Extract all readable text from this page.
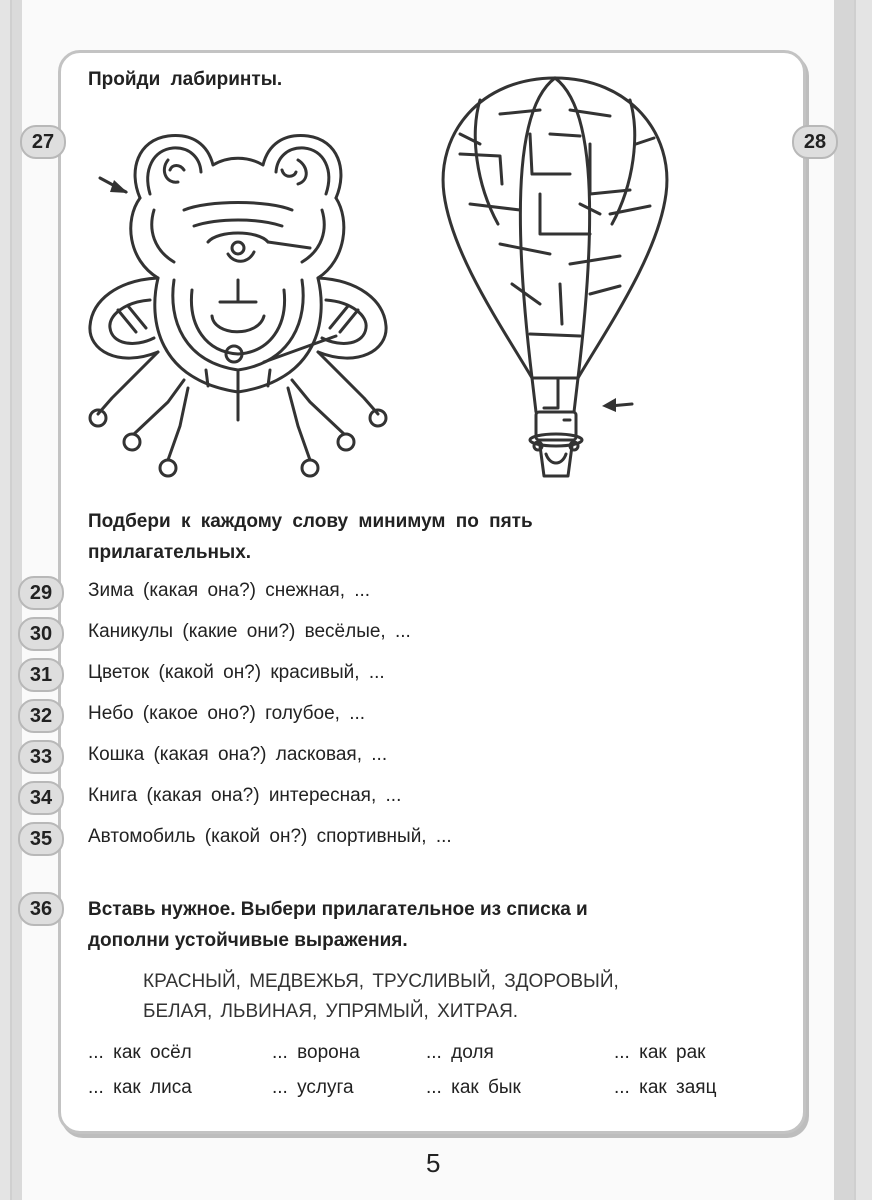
Пройди лабиринты.
27	28
Подбери к каждому слову минимум по пять
прилагательных.
29	Зима (какая она?) снежная, ...
30	Каникулы (какие они?) весёлые, ...
31	Цветок (какой он?) красивый, ...
32	Небо (какое оно?) голубое, ...
33	Кошка (какая она?) ласковая, ...
34	Книга (какая она?) интересная, ...
35	Автомобиль (какой он?) спортивный, ...
36	Вставь нужное. Выбери прилагательное из списка и
дополни устойчивые выражения.
КРАСНЫЙ, МЕДВЕЖЬЯ, ТРУСЛИВЫЙ, ЗДОРОВЫЙ,
БЕЛАЯ, ЛЬВИНАЯ, УПРЯМЫЙ, ХИТРАЯ.
... как осёл	... ворона	... доля	... как рак
... как лиса	... услуга	... как бык	... как заяц
5
